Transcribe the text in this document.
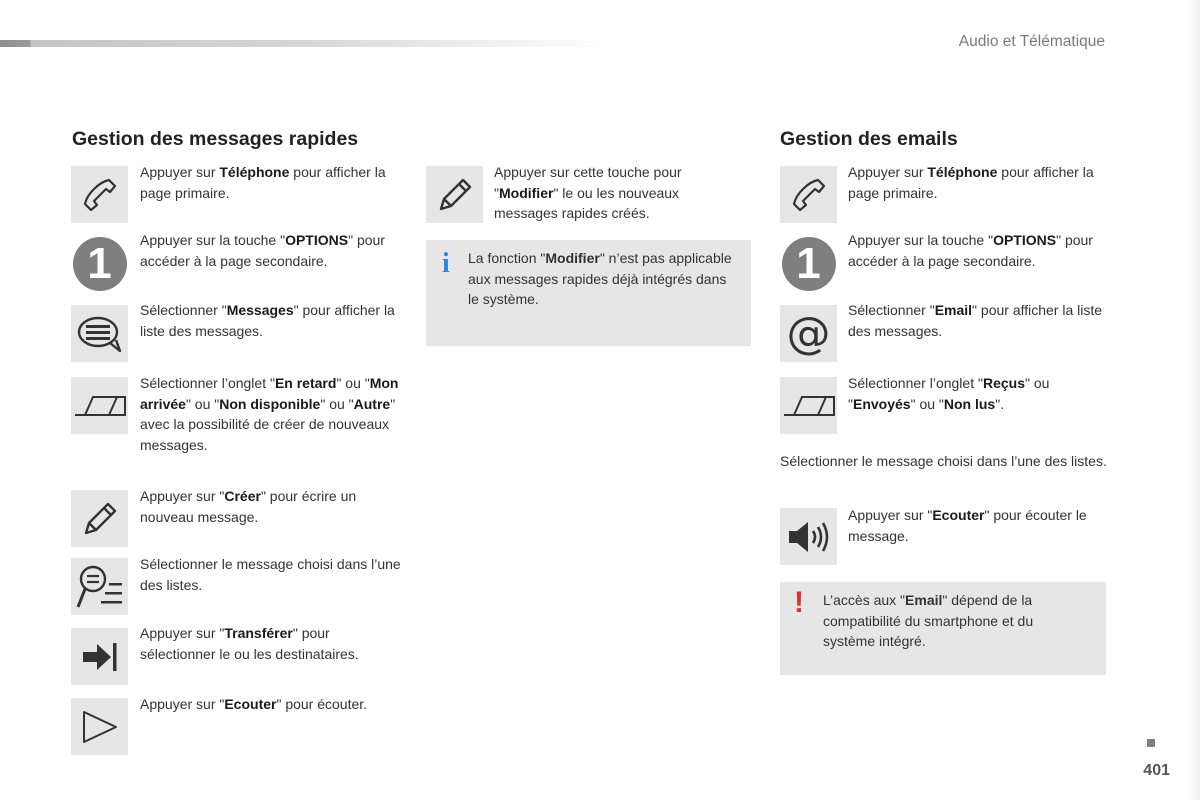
Audio et Télématique
Gestion des messages rapides
Appuyer sur Téléphone pour afficher la page primaire.
1	Appuyer sur la touche "OPTIONS" pour accéder à la page secondaire.
Sélectionner "Messages" pour afficher la liste des messages.
Sélectionner l’onglet "En retard" ou "Mon arrivée" ou "Non disponible" ou "Autre" avec la possibilité de créer de nouveaux messages.
Appuyer sur "Créer" pour écrire un nouveau message.
Sélectionner le message choisi dans l’une des listes.
Appuyer sur "Transférer" pour sélectionner le ou les destinataires.
Appuyer sur "Ecouter" pour écouter.
Appuyer sur cette touche pour "Modifier" le ou les nouveaux messages rapides créés.
i La fonction "Modifier" n’est pas applicable aux messages rapides déjà intégrés dans le système.
Gestion des emails
Appuyer sur Téléphone pour afficher la page primaire.
1	Appuyer sur la touche "OPTIONS" pour accéder à la page secondaire.
@ Sélectionner "Email" pour afficher la liste des messages.
Sélectionner l’onglet "Reçus" ou "Envoyés" ou "Non lus".
Sélectionner le message choisi dans l’une des listes.
Appuyer sur "Ecouter" pour écouter le message.
! L’accès aux "Email" dépend de la compatibilité du smartphone et du système intégré.
401
